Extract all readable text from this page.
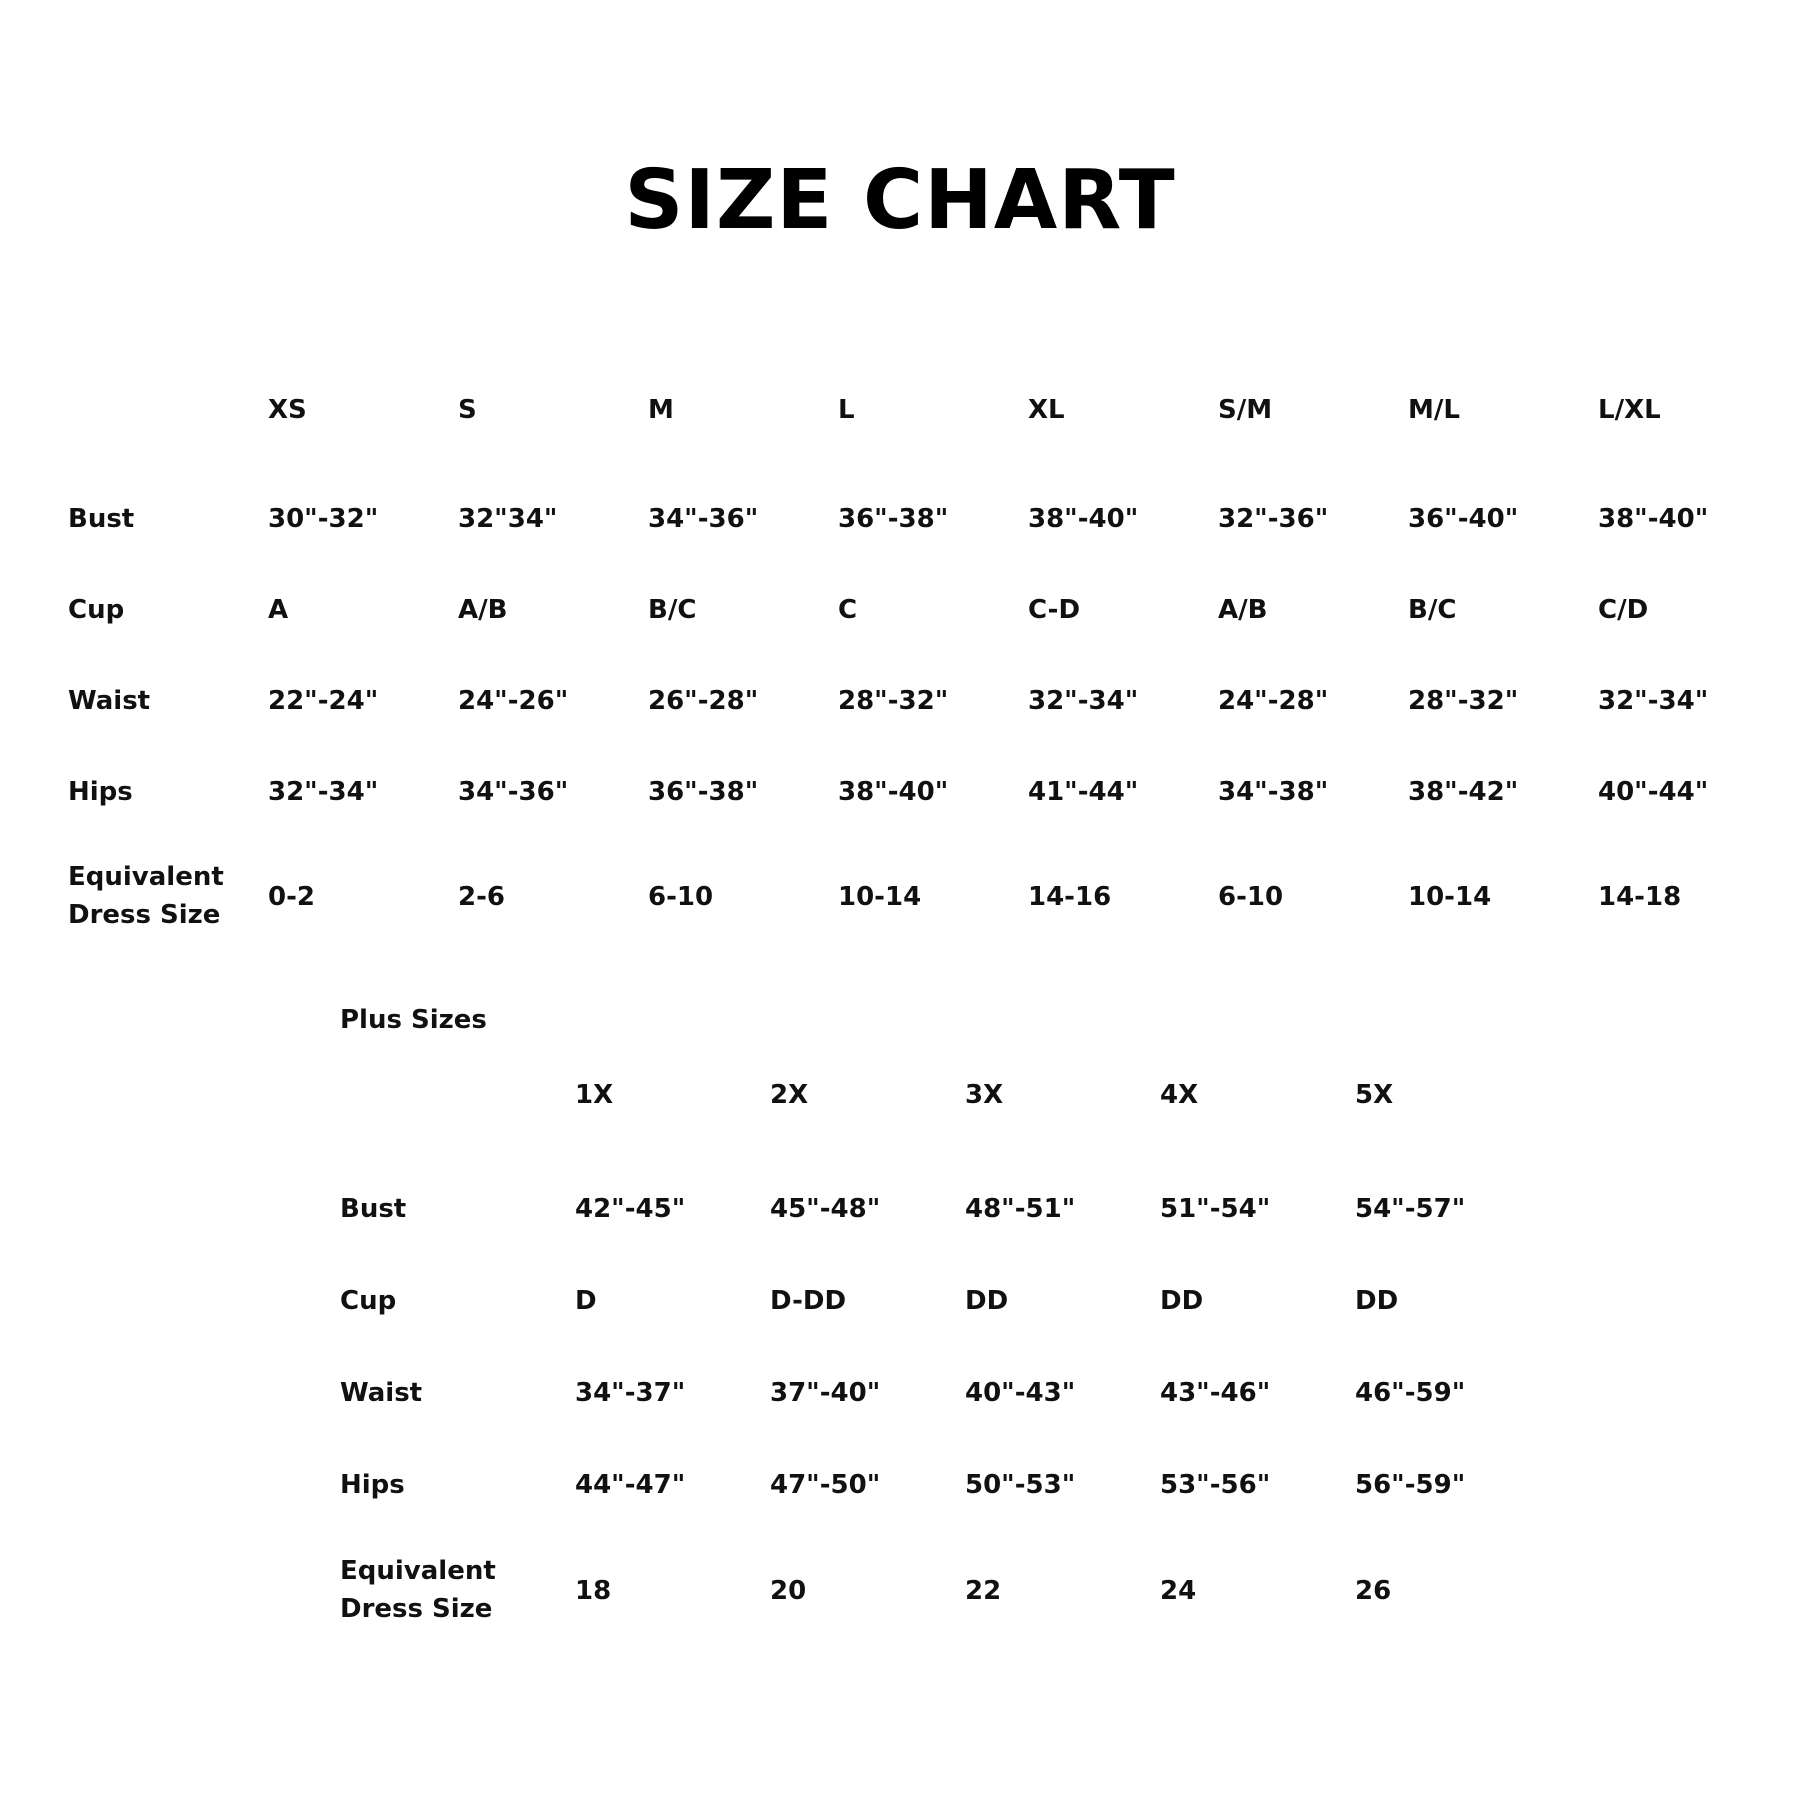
SIZE CHART
	XS	S	M	L	XL	S/M	M/L	L/XL
Bust	30"-32"	32"34"	34"-36"	36"-38"	38"-40"	32"-36"	36"-40"	38"-40"
Cup	A	A/B	B/C	C	C-D	A/B	B/C	C/D
Waist	22"-24"	24"-26"	26"-28"	28"-32"	32"-34"	24"-28"	28"-32"	32"-34"
Hips	32"-34"	34"-36"	36"-38"	38"-40"	41"-44"	34"-38"	38"-42"	40"-44"
Equivalent
Dress Size	0-2	2-6	6-10	10-14	14-16	6-10	10-14	14-18
Plus Sizes
	1X	2X	3X	4X	5X
Bust	42"-45"	45"-48"	48"-51"	51"-54"	54"-57"
Cup	D	D-DD	DD	DD	DD
Waist	34"-37"	37"-40"	40"-43"	43"-46"	46"-59"
Hips	44"-47"	47"-50"	50"-53"	53"-56"	56"-59"
Equivalent
Dress Size	18	20	22	24	26
